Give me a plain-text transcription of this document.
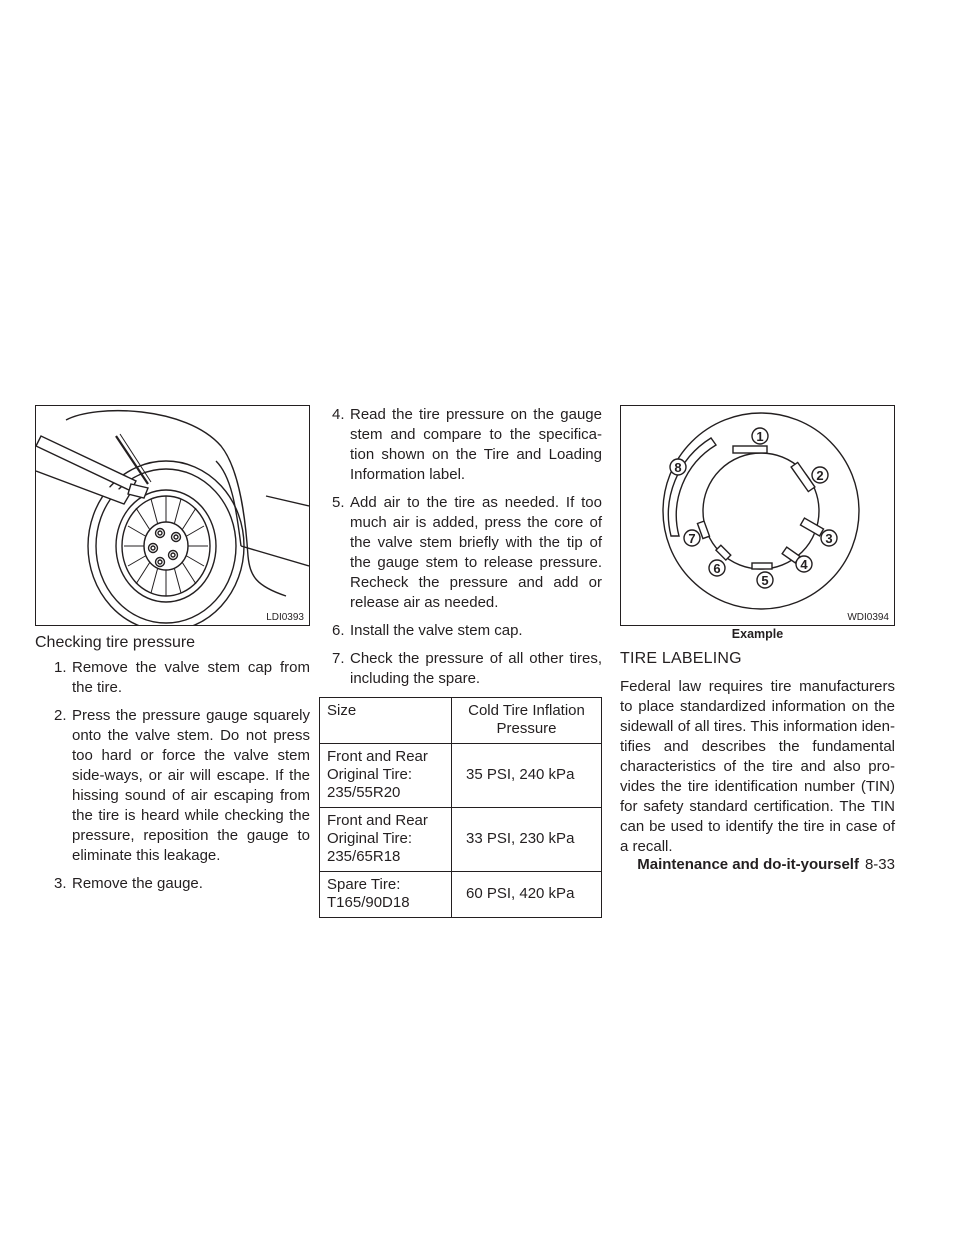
LDI0393
Checking tire pressure
1. Remove the valve stem cap from the tire.
2. Press the pressure gauge squarely onto the valve stem. Do not press too hard or force the valve stem side-ways, or air will escape. If the hissing sound of air escaping from the tire is heard while checking the pressure, reposition the gauge to eliminate this leakage.
3. Remove the gauge.
4. Read the tire pressure on the gauge stem and compare to the specifica-tion shown on the Tire and Loading Information label.
5. Add air to the tire as needed. If too much air is added, press the core of the valve stem briefly with the tip of the gauge stem to release pressure. Recheck the pressure and add or release air as needed.
6. Install the valve stem cap.
7. Check the pressure of all other tires, including the spare.
Size	Cold Tire Inflation Pressure
Front and Rear Original Tire: 235/55R20	35 PSI, 240 kPa
Front and Rear Original Tire: 235/65R18	33 PSI, 230 kPa
Spare Tire: T165/90D18	60 PSI, 420 kPa
1
2
3
4
5
6
7
8
WDI0394
Example
TIRE LABELING

Federal law requires tire manufacturers to place standardized information on the sidewall of all tires. This information iden-tifies and describes the fundamental characteristics of the tire and also pro-vides the tire identification number (TIN) for safety standard certification. The TIN can be used to identify the tire in case of a recall.

Maintenance and do-it-yourself 8-33
